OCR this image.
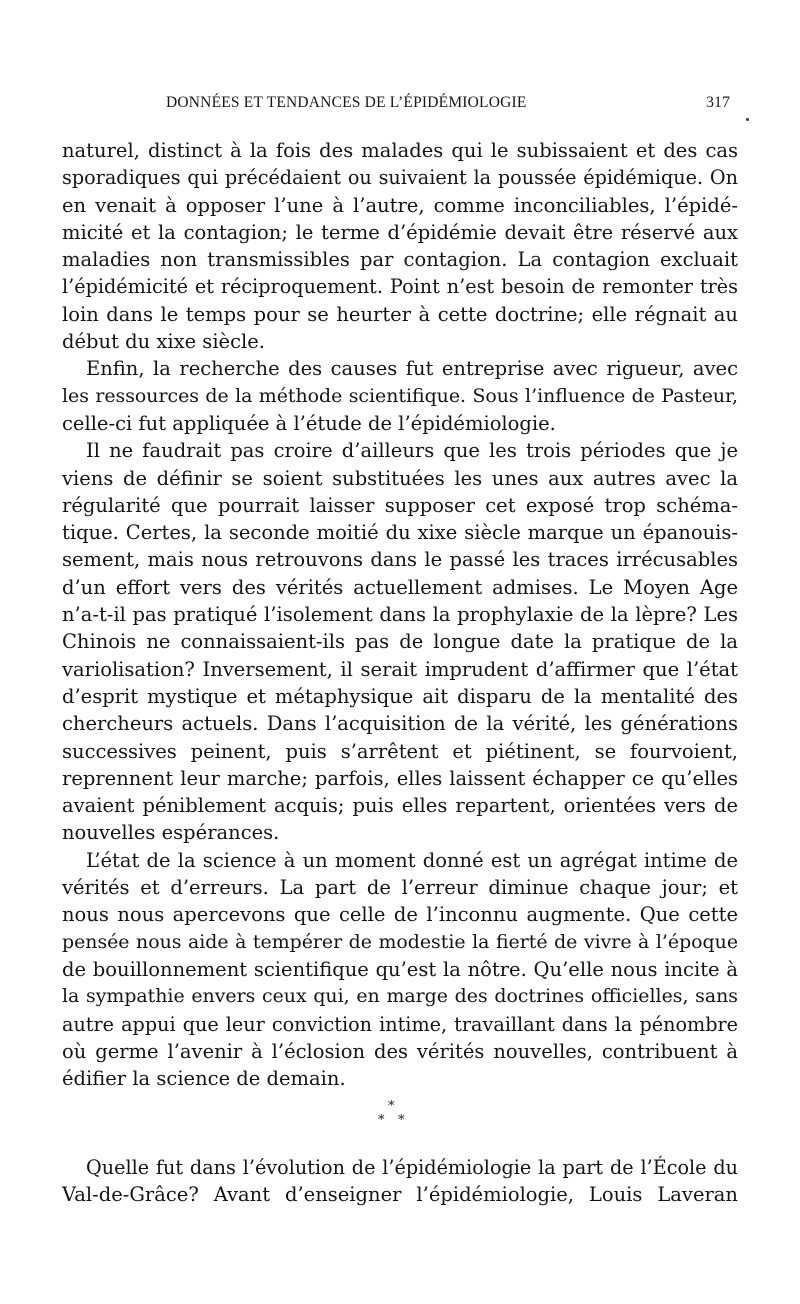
DONNÉES ET TENDANCES DE L’ÉPIDÉMIOLOGIE	317
naturel, distinct à la fois des malades qui le subissaient et des cas
sporadiques qui précédaient ou suivaient la poussée épidémique. On
en venait à opposer l’une à l’autre, comme inconciliables, l’épidé-
micité et la contagion; le terme d’épidémie devait être réservé aux
maladies non transmissibles par contagion. La contagion excluait
l’épidémicité et réciproquement. Point n’est besoin de remonter très
loin dans le temps pour se heurter à cette doctrine; elle régnait au
début du xixe siècle.
Enfin, la recherche des causes fut entreprise avec rigueur, avec
les ressources de la méthode scientifique. Sous l’influence de Pasteur,
celle-ci fut appliquée à l’étude de l’épidémiologie.
Il ne faudrait pas croire d’ailleurs que les trois périodes que je
viens de définir se soient substituées les unes aux autres avec la
régularité que pourrait laisser supposer cet exposé trop schéma-
tique. Certes, la seconde moitié du xixe siècle marque un épanouis-
sement, mais nous retrouvons dans le passé les traces irrécusables
d’un effort vers des vérités actuellement admises. Le Moyen Age
n’a-t-il pas pratiqué l’isolement dans la prophylaxie de la lèpre? Les
Chinois ne connaissaient-ils pas de longue date la pratique de la
variolisation? Inversement, il serait imprudent d’affirmer que l’état
d’esprit mystique et métaphysique ait disparu de la mentalité des
chercheurs actuels. Dans l’acquisition de la vérité, les générations
successives peinent, puis s’arrêtent et piétinent, se fourvoient,
reprennent leur marche; parfois, elles laissent échapper ce qu’elles
avaient péniblement acquis; puis elles repartent, orientées vers de
nouvelles espérances.
L’état de la science à un moment donné est un agrégat intime de
vérités et d’erreurs. La part de l’erreur diminue chaque jour; et
nous nous apercevons que celle de l’inconnu augmente. Que cette
pensée nous aide à tempérer de modestie la fierté de vivre à l’époque
de bouillonnement scientifique qu’est la nôtre. Qu’elle nous incite à
la sympathie envers ceux qui, en marge des doctrines officielles, sans
autre appui que leur conviction intime, travaillant dans la pénombre
où germe l’avenir à l’éclosion des vérités nouvelles, contribuent à
édifier la science de demain.
*
* *
Quelle fut dans l’évolution de l’épidémiologie la part de l’École du
Val-de-Grâce? Avant d’enseigner l’épidémiologie, Louis Laveran
